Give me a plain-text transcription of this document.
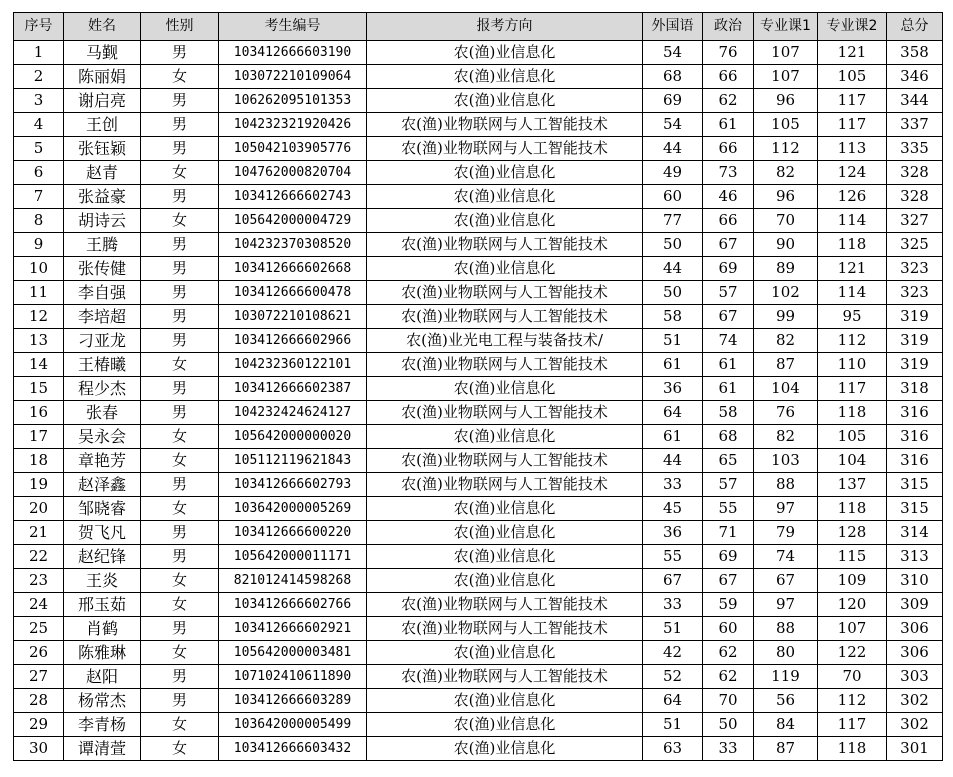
序号	姓名	性别	考生编号	报考方向	外国语	政治	专业课1	专业课2	总分
1	马觐	男	103412666603190	农(渔)业信息化	54	76	107	121	358
2	陈丽娟	女	103072210109064	农(渔)业信息化	68	66	107	105	346
3	谢启亮	男	106262095101353	农(渔)业信息化	69	62	96	117	344
4	王创	男	104232321920426	农(渔)业物联网与人工智能技术	54	61	105	117	337
5	张钰颖	男	105042103905776	农(渔)业物联网与人工智能技术	44	66	112	113	335
6	赵青	女	104762000820704	农(渔)业信息化	49	73	82	124	328
7	张益豪	男	103412666602743	农(渔)业信息化	60	46	96	126	328
8	胡诗云	女	105642000004729	农(渔)业信息化	77	66	70	114	327
9	王腾	男	104232370308520	农(渔)业物联网与人工智能技术	50	67	90	118	325
10	张传健	男	103412666602668	农(渔)业信息化	44	69	89	121	323
11	李自强	男	103412666600478	农(渔)业物联网与人工智能技术	50	57	102	114	323
12	李培超	男	103072210108621	农(渔)业物联网与人工智能技术	58	67	99	95	319
13	刁亚龙	男	103412666602966	农(渔)业光电工程与装备技术/	51	74	82	112	319
14	王椿曦	女	104232360122101	农(渔)业物联网与人工智能技术	61	61	87	110	319
15	程少杰	男	103412666602387	农(渔)业信息化	36	61	104	117	318
16	张春	男	104232424624127	农(渔)业物联网与人工智能技术	64	58	76	118	316
17	吴永会	女	105642000000020	农(渔)业信息化	61	68	82	105	316
18	章艳芳	女	105112119621843	农(渔)业物联网与人工智能技术	44	65	103	104	316
19	赵泽鑫	男	103412666602793	农(渔)业物联网与人工智能技术	33	57	88	137	315
20	邹晓睿	女	103642000005269	农(渔)业信息化	45	55	97	118	315
21	贺飞凡	男	103412666600220	农(渔)业信息化	36	71	79	128	314
22	赵纪锋	男	105642000011171	农(渔)业信息化	55	69	74	115	313
23	王炎	女	821012414598268	农(渔)业信息化	67	67	67	109	310
24	邢玉茹	女	103412666602766	农(渔)业物联网与人工智能技术	33	59	97	120	309
25	肖鹤	男	103412666602921	农(渔)业物联网与人工智能技术	51	60	88	107	306
26	陈雅琳	女	105642000003481	农(渔)业信息化	42	62	80	122	306
27	赵阳	男	107102410611890	农(渔)业物联网与人工智能技术	52	62	119	70	303
28	杨常杰	男	103412666603289	农(渔)业信息化	64	70	56	112	302
29	李青杨	女	103642000005499	农(渔)业信息化	51	50	84	117	302
30	谭清萱	女	103412666603432	农(渔)业信息化	63	33	87	118	301
